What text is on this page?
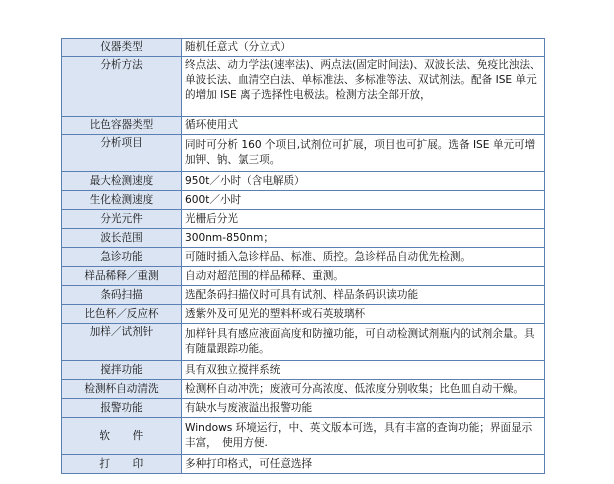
仪器类型	随机任意式（分立式）
分析方法	终点法、动力学法(速率法)、两点法(固定时间法)、双波长法、免疫比浊法、单波长法、血清空白法、单标准法、多标准等法、双试剂法。配备 ISE 单元的增加 ISE 离子选择性电极法。检测方法全部开放，
比色容器类型	循环使用式
分析项目	同时可分析 160 个项目,试剂位可扩展，项目也可扩展。选备 ISE 单元可增加钾、钠、氯三项。
最大检测速度	950t／小时（含电解质）
生化检测速度	600t／小时
分光元件	光栅后分光
波长范围	300nm-850nm；
急诊功能	可随时插入急诊样品、标准、质控。急诊样品自动优先检测。
样品稀释／重测	自动对超范围的样品稀释、重测。
条码扫描	选配条码扫描仪时可具有试剂、样品条码识读功能
比色杯／反应杯	透紫外及可见光的塑料杯或石英玻璃杯
加样／试剂针	加样针具有感应液面高度和防撞功能，可自动检测试剂瓶内的试剂余量。具有随量跟踪功能。
搅拌功能	具有双独立搅拌系统
检测杯自动清洗	检测杯自动冲洗；废液可分高浓度、低浓度分别收集；比色皿自动干燥。
报警功能	有缺水与废液溢出报警功能
软　　件	Windows 环境运行，中、英文版本可选，具有丰富的查询功能；界面显示丰富，　使用方便.
打　　印	多种打印格式，可任意选择
